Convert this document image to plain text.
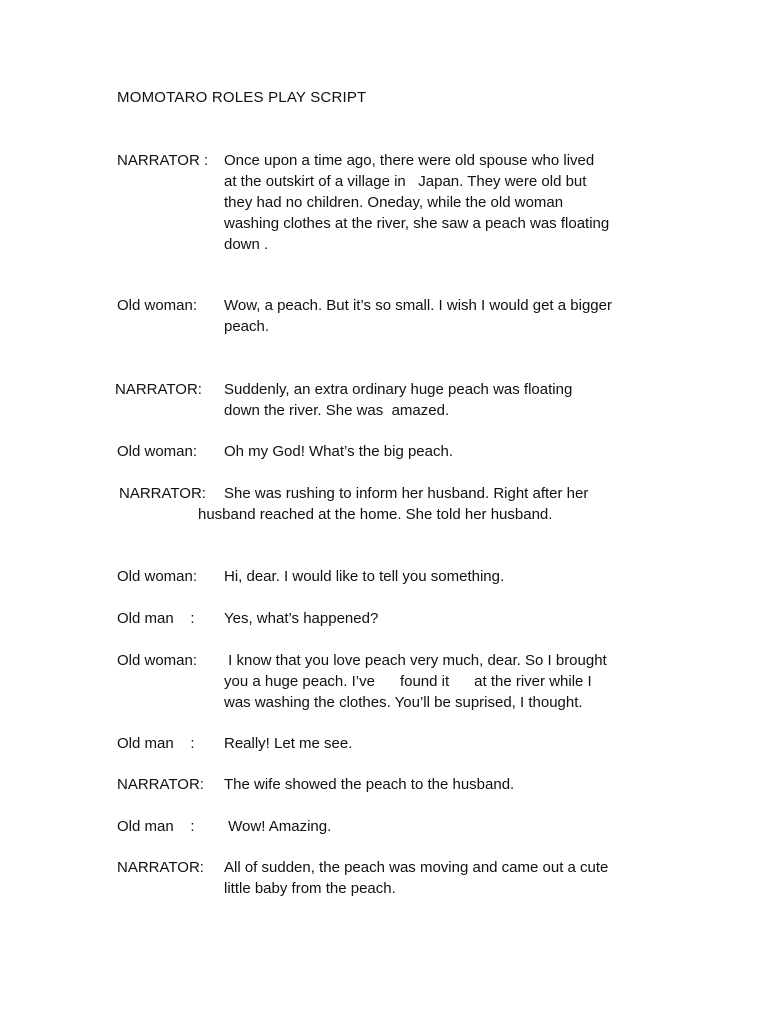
MOMOTARO ROLES PLAY SCRIPT
NARRATOR : Once upon a time ago, there were old spouse who lived
at the outskirt of a village in   Japan. They were old but
they had no children. Oneday, while the old woman
washing clothes at the river, she saw a peach was floating
down .
Old woman: Wow, a peach. But it’s so small. I wish I would get a bigger
peach.
NARRATOR: Suddenly, an extra ordinary huge peach was floating
down the river. She was  amazed.
Old woman: Oh my God! What’s the big peach.
NARRATOR: She was rushing to inform her husband. Right after her
husband reached at the home. She told her husband.
Old woman: Hi, dear. I would like to tell you something.
Old man    : Yes, what’s happened?
Old woman: I know that you love peach very much, dear. So I brought
you a huge peach. I’ve      found it      at the river while I
was washing the clothes. You’ll be suprised, I thought.
Old man    : Really! Let me see.
NARRATOR: The wife showed the peach to the husband.
Old man    : Wow! Amazing.
NARRATOR: All of sudden, the peach was moving and came out a cute
little baby from the peach.
